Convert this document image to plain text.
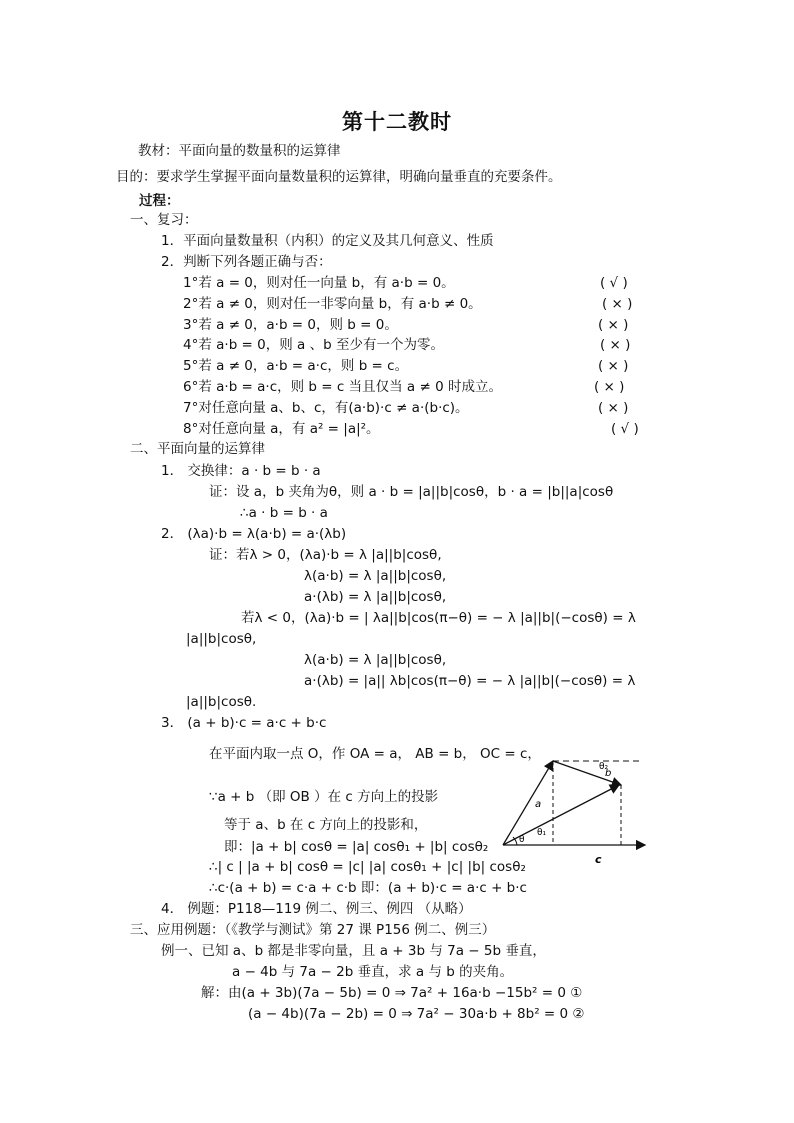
第十二教时
教材：平面向量的数量积的运算律
目的：要求学生掌握平面向量数量积的运算律，明确向量垂直的充要条件。
过程：
一、复习：
1．平面向量数量积（内积）的定义及其几何意义、性质
2．判断下列各题正确与否：
1°若 a = 0，则对任一向量 b，有 a·b = 0。
2°若 a ≠ 0，则对任一非零向量 b，有 a·b ≠ 0。
3°若 a ≠ 0，a·b = 0，则 b = 0。
4°若 a·b = 0，则 a 、b 至少有一个为零。
5°若 a ≠ 0，a·b = a·c，则 b = c。
6°若 a·b = a·c，则 b = c 当且仅当 a ≠ 0 时成立。
7°对任意向量 a、b、c，有(a·b)·c ≠ a·(b·c)。
8°对任意向量 a，有 a² = |a|²。
二、平面向量的运算律
1． 交换律：a · b = b · a
证：设 a，b 夹角为θ，则 a · b = |a||b|cosθ，b · a = |b||a|cosθ
∴a · b = b · a
2． (λa)·b = λ(a·b) = a·(λb)
证：若λ > 0，(λa)·b = λ |a||b|cosθ,
λ(a·b) = λ |a||b|cosθ,
a·(λb) = λ |a||b|cosθ,
若λ < 0，(λa)·b = | λa||b|cos(π−θ) = − λ |a||b|(−cosθ) = λ
|a||b|cosθ,
λ(a·b) = λ |a||b|cosθ,
a·(λb) = |a|| λb|cos(π−θ) = − λ |a||b|(−cosθ) = λ
|a||b|cosθ.
3． (a + b)·c = a·c + b·c
在平面内取一点 O，作 OA = a， AB = b， OC = c，
∵a + b （即 OB ）在 c 方向上的投影
等于 a、b 在 c 方向上的投影和，
即：|a + b| cosθ = |a| cosθ₁ + |b| cosθ₂
∴| c | |a + b| cosθ = |c| |a| cosθ₁ + |c| |b| cosθ₂
∴c·(a + b) = c·a + c·b 即：(a + b)·c = a·c + b·c
4． 例题：P118—119 例二、例三、例四 （从略）
三、应用例题：（《教学与测试》第 27 课 P156 例二、例三）
例一、已知 a、b 都是非零向量，且 a + 3b 与 7a − 5b 垂直，
a − 4b 与 7a − 2b 垂直，求 a 与 b 的夹角。
解：由(a + 3b)(7a − 5b) = 0 ⇒ 7a² + 16a·b −15b² = 0 ①
(a − 4b)(7a − 2b) = 0 ⇒ 7a² − 30a·b + 8b² = 0 ②
( √ )
( × )
( × )
( × )
( × )
( × )
( × )
( √ )
a
b
c
θ
θ₁
θ₂
